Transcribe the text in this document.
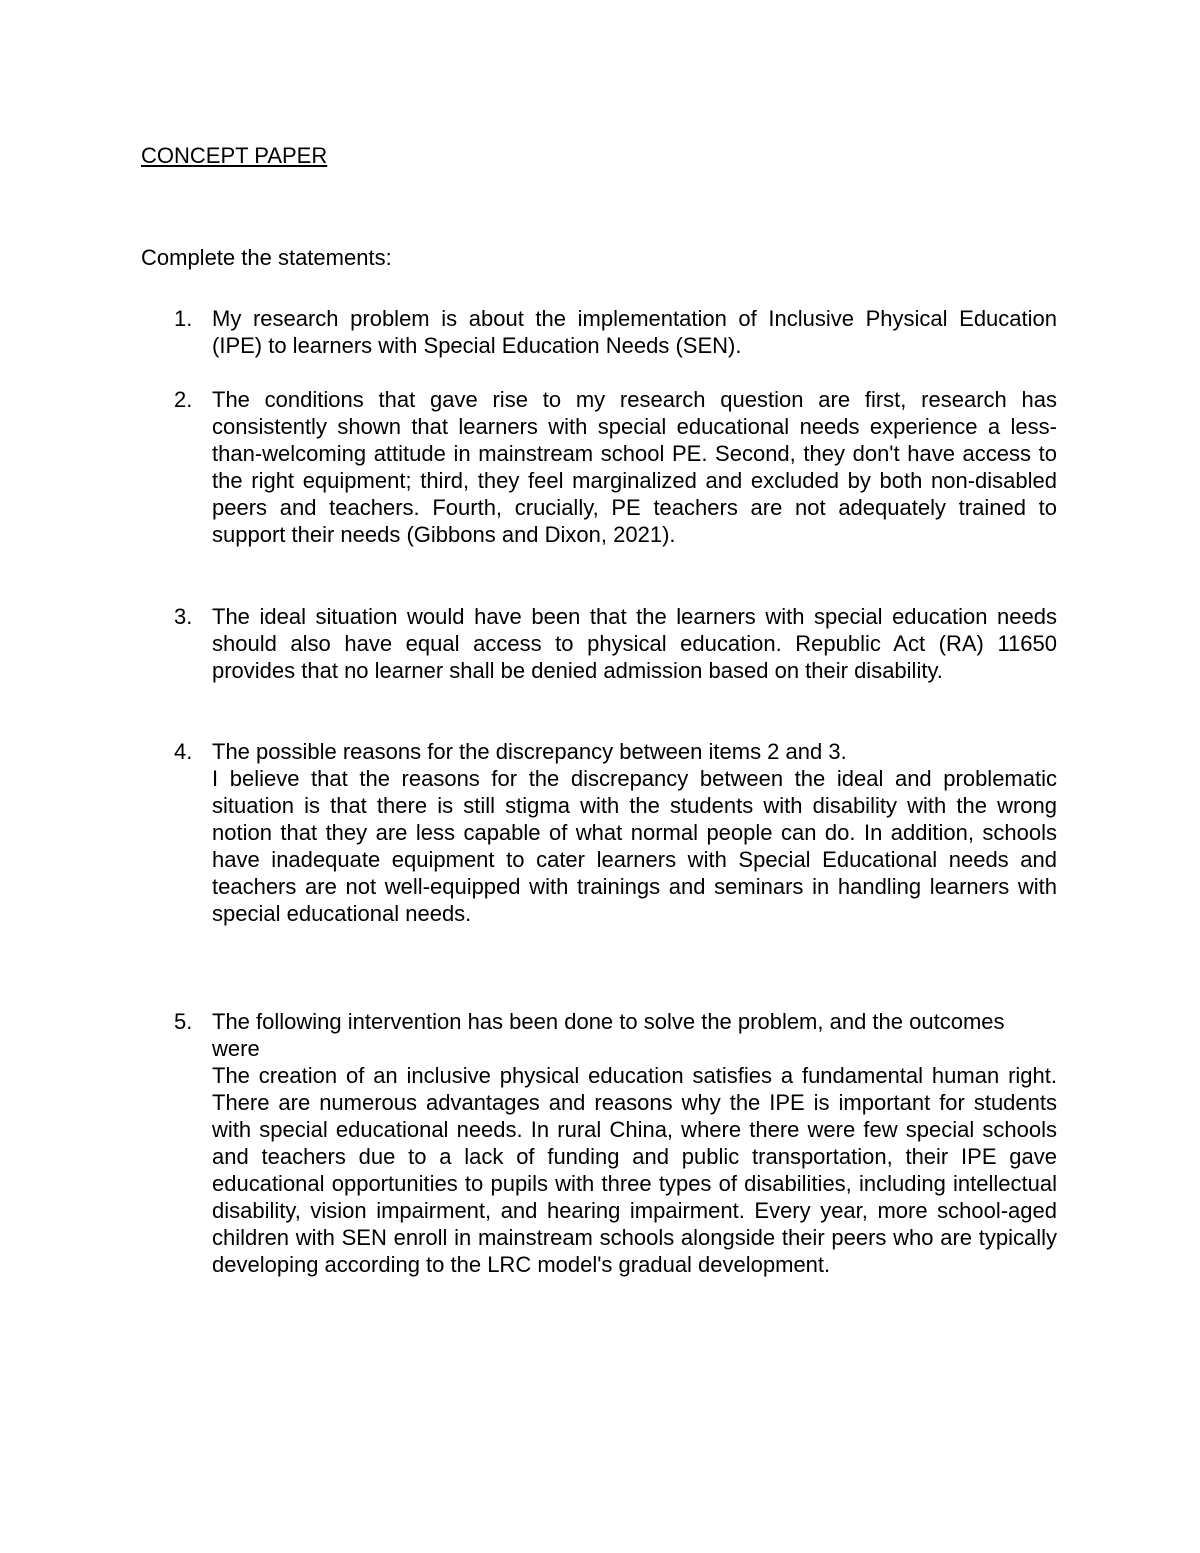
CONCEPT PAPER

Complete the statements:

1. My research problem is about the implementation of Inclusive Physical Education (IPE) to learners with Special Education Needs (SEN).

2. The conditions that gave rise to my research question are first, research has consistently shown that learners with special educational needs experience a less-than-welcoming attitude in mainstream school PE. Second, they don't have access to the right equipment; third, they feel marginalized and excluded by both non-disabled peers and teachers. Fourth, crucially, PE teachers are not adequately trained to support their needs (Gibbons and Dixon, 2021).

3. The ideal situation would have been that the learners with special education needs should also have equal access to physical education. Republic Act (RA) 11650 provides that no learner shall be denied admission based on their disability.

4. The possible reasons for the discrepancy between items 2 and 3.

I believe that the reasons for the discrepancy between the ideal and problematic situation is that there is still stigma with the students with disability with the wrong notion that they are less capable of what normal people can do. In addition, schools have inadequate equipment to cater learners with Special Educational needs and teachers are not well-equipped with trainings and seminars in handling learners with special educational needs.

5. The following intervention has been done to solve the problem, and the outcomes were

The creation of an inclusive physical education satisfies a fundamental human right. There are numerous advantages and reasons why the IPE is important for students with special educational needs. In rural China, where there were few special schools and teachers due to a lack of funding and public transportation, their IPE gave educational opportunities to pupils with three types of disabilities, including intellectual disability, vision impairment, and hearing impairment. Every year, more school-aged children with SEN enroll in mainstream schools alongside their peers who are typically developing according to the LRC model's gradual development.
